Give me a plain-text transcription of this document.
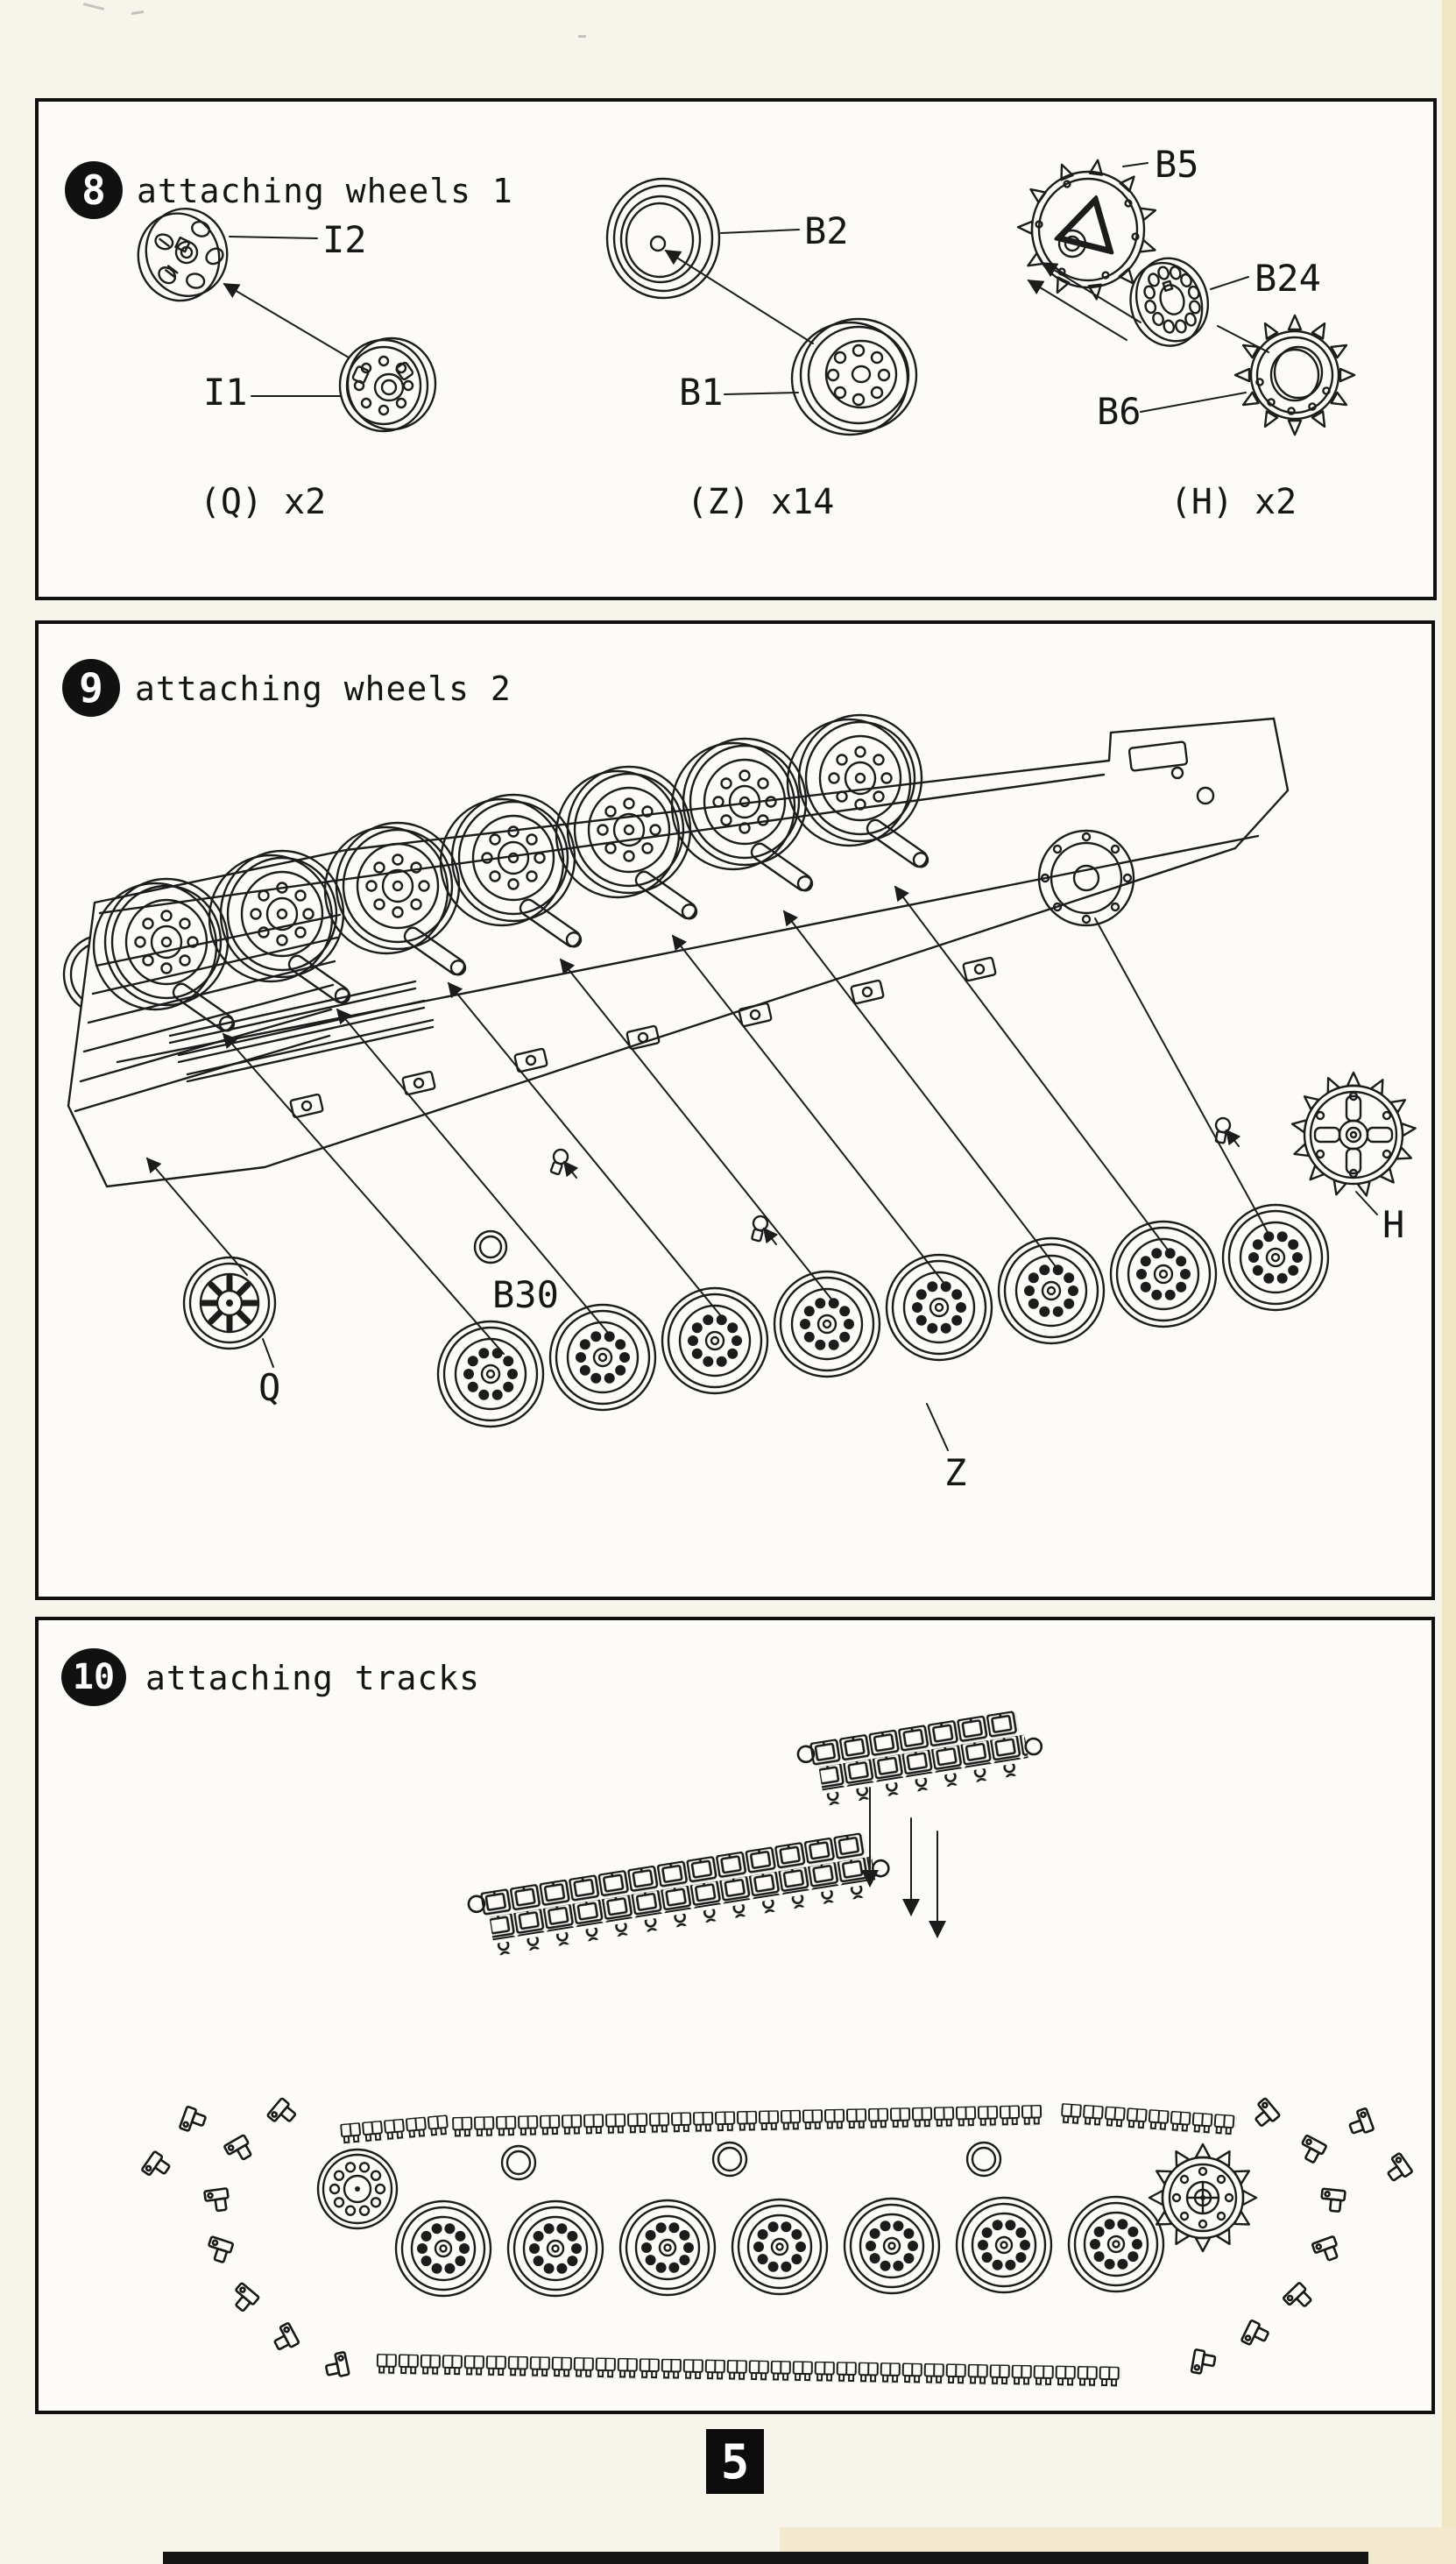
8 attaching wheels 1
I2
I1
(Q) x2
B2
B1
(Z) x14
B5
B24
B6
(H) x2
9 attaching wheels 2
B30
Z
Q
H
10 attaching tracks
5
